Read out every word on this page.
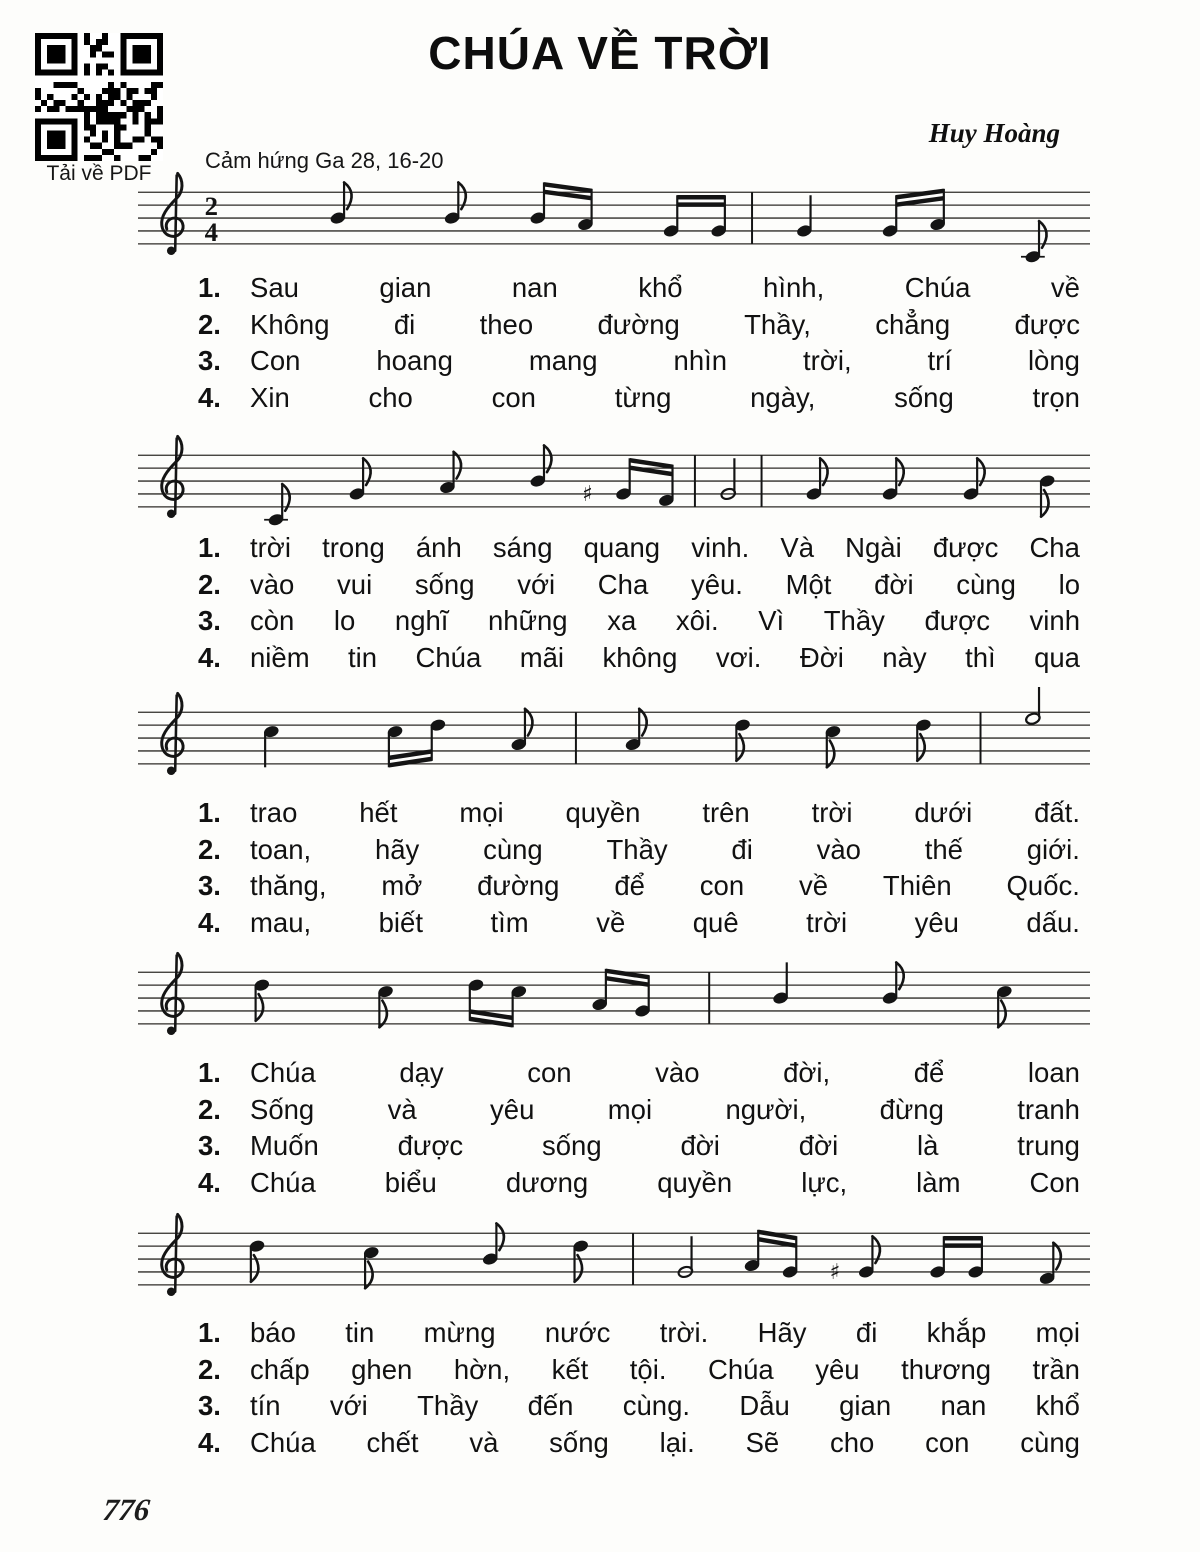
Tải về PDF
CHÚA VỀ TRỜI
Huy Hoàng
Cảm hứng Ga 28, 16-20
2
4
♯
♯
1.	Sau	gian	nan	khổ	hình,	Chúa	về
2.	Không đi theo đường Thầy, chẳng được
3.	Con	hoang	mang	nhìn	trời,	trí	lòng
4.	Xin	cho	con	từng	ngày,	sống	trọn
1.	trời trong ánh sáng quang vinh. Và Ngài được Cha
2.	vào vui sống với Cha yêu. Một đời cùng lo
3.	còn lo nghĩ những xa xôi. Vì Thầy được vinh
4.	niềm tin Chúa mãi không vơi. Đời này thì qua
1.	trao hết mọi quyền trên trời dưới đất.
2.	toan, hãy cùng Thầy đi vào thế giới.
3.	thăng, mở đường để con về Thiên Quốc.
4.	mau, biết tìm về quê trời yêu dấu.
1.	Chúa	dạy	con	vào	đời,	để	loan
2.	Sống	và	yêu	mọi	người,	đừng	tranh
3.	Muốn	được	sống	đời	đời	là	trung
4.	Chúa	biểu	dương	quyền	lực,	làm	Con
1.	báo tin mừng nước trời. Hãy đi khắp mọi
2.	chấp ghen hờn, kết tội. Chúa yêu thương trần
3.	tín với Thầy đến cùng. Dẫu gian nan khổ
4.	Chúa chết và sống lại. Sẽ cho con cùng
776
